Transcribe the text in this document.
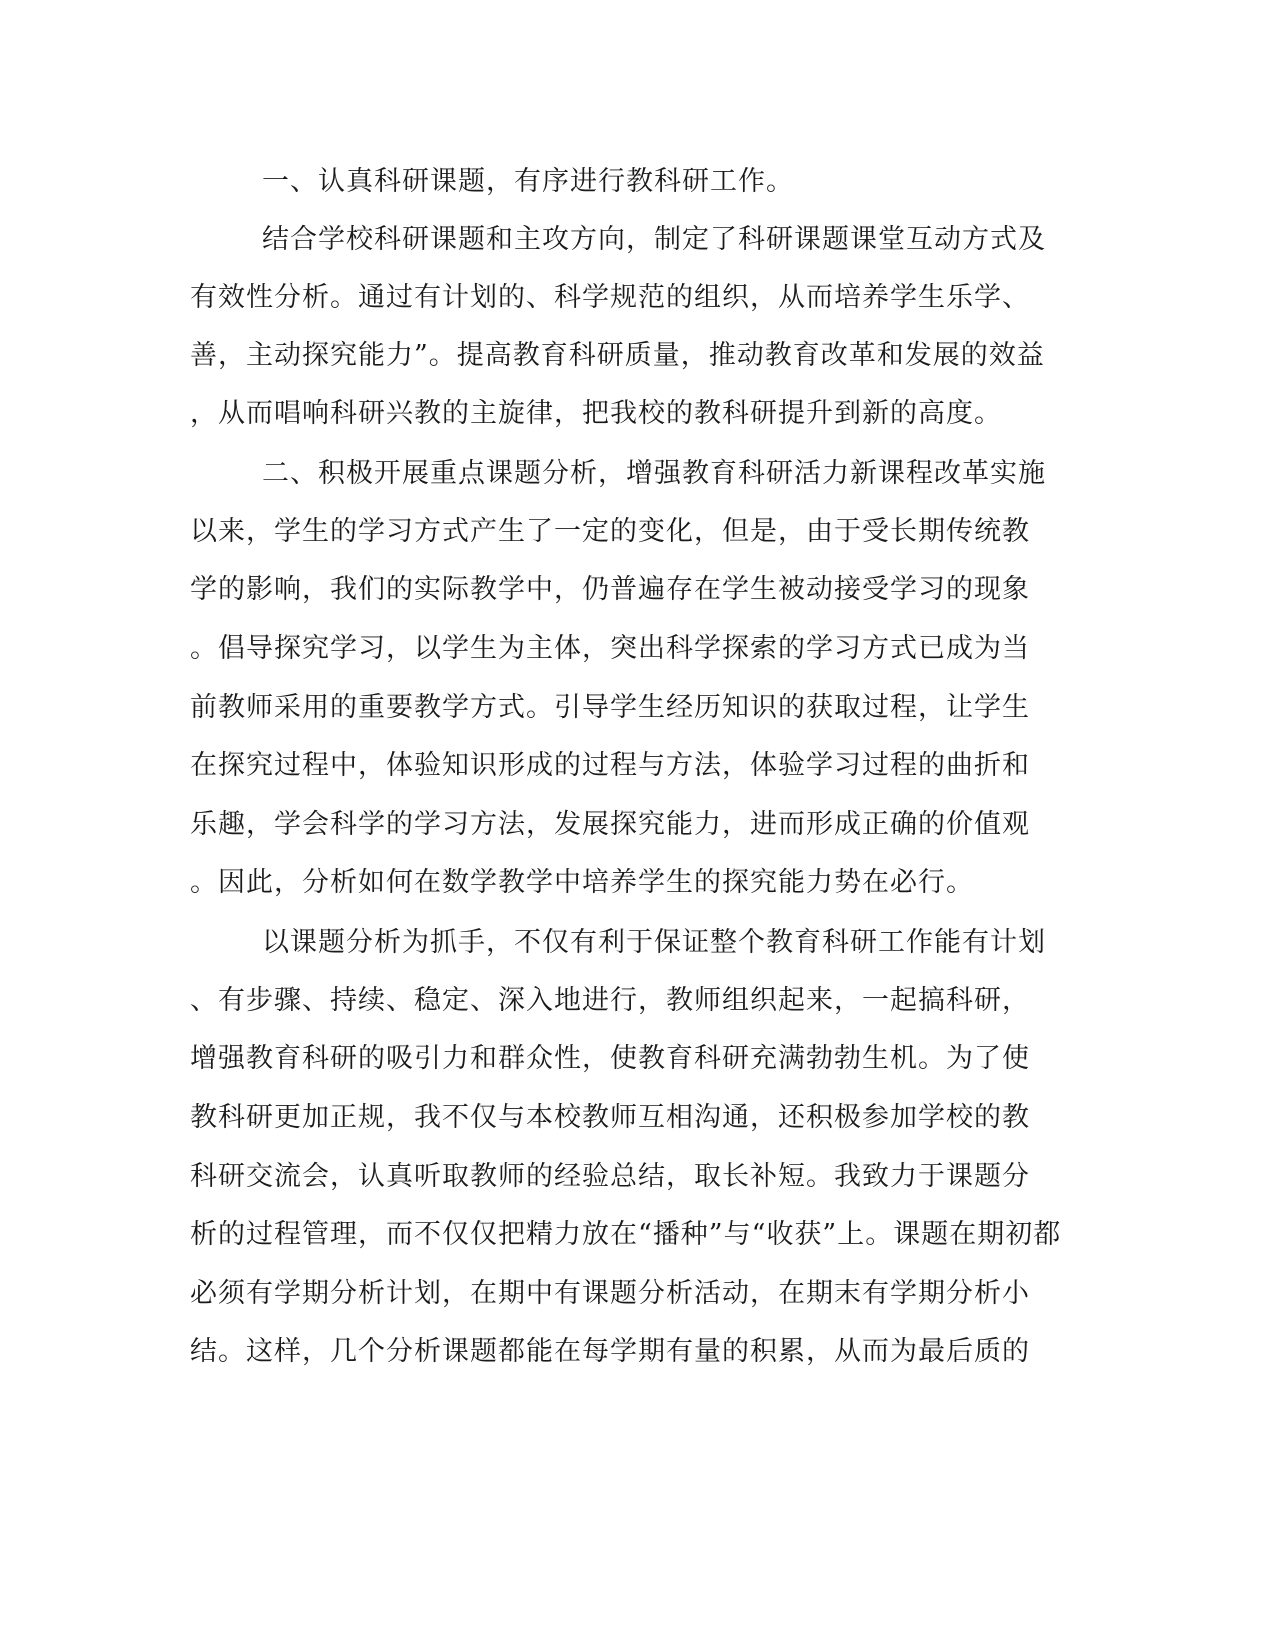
一、认真科研课题，有序进行教科研工作。
结合学校科研课题和主攻方向，制定了科研课题课堂互动方式及
有效性分析。通过有计划的、科学规范的组织，从而培养学生乐学、
善，主动探究能力”。提高教育科研质量，推动教育改革和发展的效益
，从而唱响科研兴教的主旋律，把我校的教科研提升到新的高度。
二、积极开展重点课题分析，增强教育科研活力新课程改革实施
以来，学生的学习方式产生了一定的变化，但是，由于受长期传统教
学的影响，我们的实际教学中，仍普遍存在学生被动接受学习的现象
。倡导探究学习，以学生为主体，突出科学探索的学习方式已成为当
前教师采用的重要教学方式。引导学生经历知识的获取过程，让学生
在探究过程中，体验知识形成的过程与方法，体验学习过程的曲折和
乐趣，学会科学的学习方法，发展探究能力，进而形成正确的价值观
。因此，分析如何在数学教学中培养学生的探究能力势在必行。
以课题分析为抓手，不仅有利于保证整个教育科研工作能有计划
、有步骤、持续、稳定、深入地进行，教师组织起来，一起搞科研，
增强教育科研的吸引力和群众性，使教育科研充满勃勃生机。为了使
教科研更加正规，我不仅与本校教师互相沟通，还积极参加学校的教
科研交流会，认真听取教师的经验总结，取长补短。我致力于课题分
析的过程管理，而不仅仅把精力放在“播种”与“收获”上。课题在期初都
必须有学期分析计划，在期中有课题分析活动，在期末有学期分析小
结。这样，几个分析课题都能在每学期有量的积累，从而为最后质的
